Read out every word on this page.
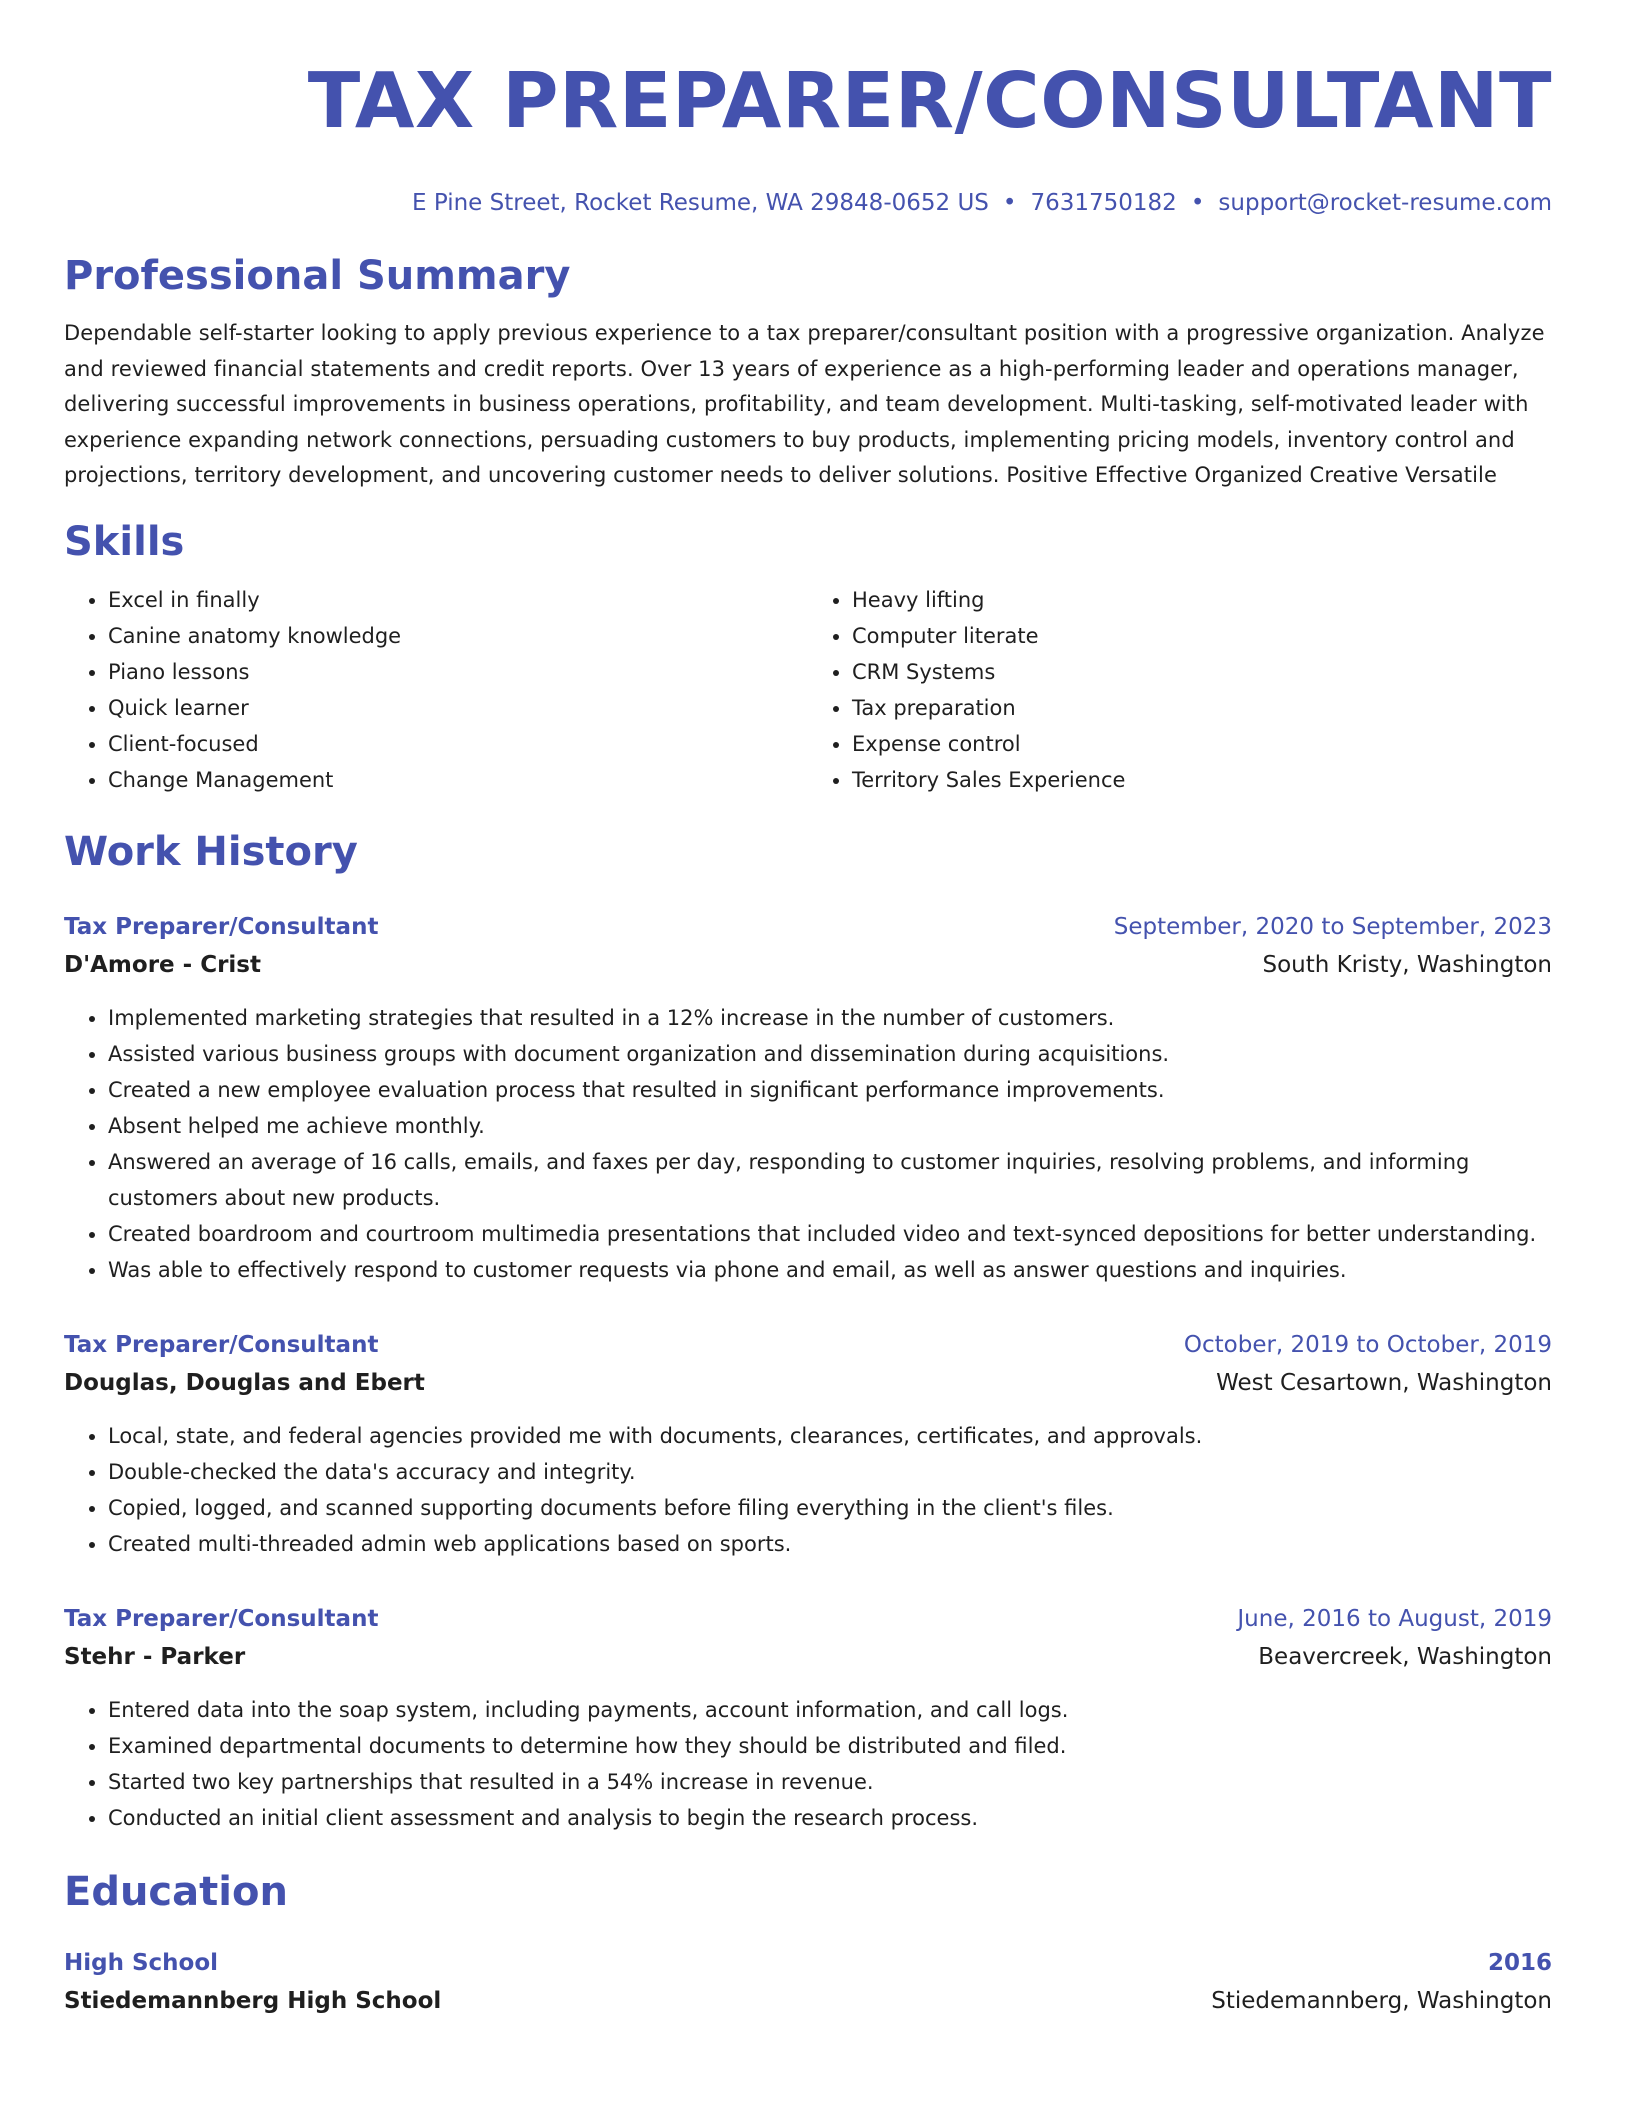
TAX PREPARER/CONSULTANT
E Pine Street, Rocket Resume, WA 29848-0652 US • 7631750182 • support@rocket-resume.com
Professional Summary

Dependable self-starter looking to apply previous experience to a tax preparer/consultant position with a progressive organization. Analyze and reviewed financial statements and credit reports. Over 13 years of experience as a high-performing leader and operations manager, delivering successful improvements in business operations, profitability, and team development. Multi-tasking, self-motivated leader with experience expanding network connections, persuading customers to buy products, implementing pricing models, inventory control and projections, territory development, and uncovering customer needs to deliver solutions. Positive Effective Organized Creative Versatile

Skills
• Excel in finally
• Canine anatomy knowledge
• Piano lessons
• Quick learner
• Client-focused
• Change Management
• Heavy lifting
• Computer literate
• CRM Systems
• Tax preparation
• Expense control
• Territory Sales Experience
Work History
Tax Preparer/Consultant	September, 2020 to September, 2023
D'Amore - Crist	South Kristy, Washington
• Implemented marketing strategies that resulted in a 12% increase in the number of customers.
• Assisted various business groups with document organization and dissemination during acquisitions.
• Created a new employee evaluation process that resulted in significant performance improvements.
• Absent helped me achieve monthly.
• Answered an average of 16 calls, emails, and faxes per day, responding to customer inquiries, resolving problems, and informing customers about new products.
• Created boardroom and courtroom multimedia presentations that included video and text-synced depositions for better understanding.
• Was able to effectively respond to customer requests via phone and email, as well as answer questions and inquiries.
Tax Preparer/Consultant	October, 2019 to October, 2019
Douglas, Douglas and Ebert	West Cesartown, Washington
• Local, state, and federal agencies provided me with documents, clearances, certificates, and approvals.
• Double-checked the data's accuracy and integrity.
• Copied, logged, and scanned supporting documents before filing everything in the client's files.
• Created multi-threaded admin web applications based on sports.
Tax Preparer/Consultant	June, 2016 to August, 2019
Stehr - Parker	Beavercreek, Washington
• Entered data into the soap system, including payments, account information, and call logs.
• Examined departmental documents to determine how they should be distributed and filed.
• Started two key partnerships that resulted in a 54% increase in revenue.
• Conducted an initial client assessment and analysis to begin the research process.
Education
High School	2016
Stiedemannberg High School	Stiedemannberg, Washington
